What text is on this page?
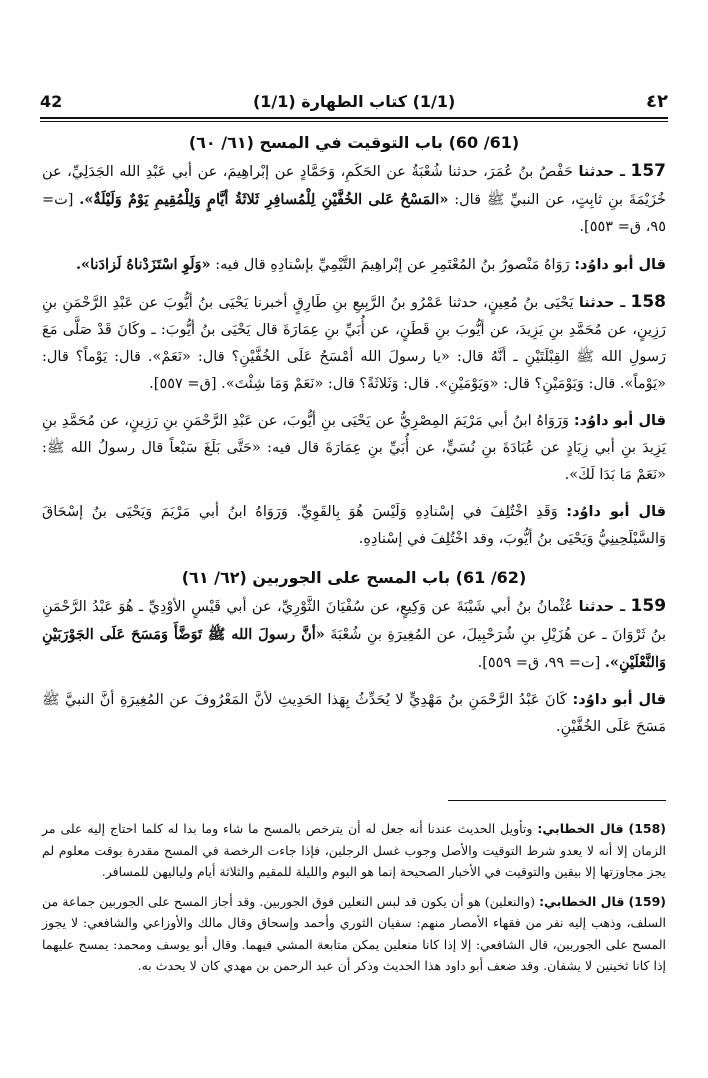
42	(1/1) كتاب الطهارة (1/1)	٤٢

(61/ 60) باب التوقيت في المسح (٦١/ ٦٠)

157 ـ حدثنا حَفْصُ بنُ عُمَرَ، حدثنا شُعْبَةُ عن الحَكَمِ، وَحَمَّادٍ عن إبْراهِيمَ، عن أبي عَبْدِ الله الجَدَلِيِّ، عن خُزَيْمَةَ بنِ ثابِتٍ، عن النبيِّ ﷺ قال: «المَسْحُ عَلى الخُفَّيْنِ لِلْمُسافِرِ ثَلاثَةُ أيَّامٍ وَلِلْمُقِيمِ يَوْمٌ وَلَيْلَةٌ». [ت= ٩٥، ق= ٥٥٣].

قال أبو داوُد: رَوَاهُ مَنْصورُ بنُ المُعْتَمِرِ عن إبْراهِيمَ التَّيْمِيِّ بإسْنادِهِ قال فيه: «وَلَوِ اسْتَزَدْناهُ لَزادَنا».

158 ـ حدثنا يَحْيَى بنُ مُعِينٍ، حدثنا عَمْرُو بنُ الرَّبِيعِ بنِ طَارِقٍ أخبرنا يَحْيَى بنُ أيُّوبَ عن عَبْدِ الرَّحْمَنِ بنِ رَزِينٍ، عن مُحَمَّدِ بنِ يَزِيدَ، عن أيُّوبَ بنِ قَطَنٍ، عن أُبَيِّ بنِ عِمَارَةَ قال يَحْيَى بنُ أيُّوبَ: ـ وكَانَ قَدْ صَلَّى مَعَ رَسولِ الله ﷺ القِبْلَتَيْنِ ـ أنَّهُ قال: «يا رسولَ الله أمْسَحُ عَلَى الخُفَّيْنِ؟ قال: «نَعَمْ». قال: يَوْماً؟ قال: «يَوْماً». قال: وَيَوْمَيْنِ؟ قال: «وَيَوْمَيْنِ». قال: وَثَلاثَةً؟ قال: «نَعَمْ وَمَا شِئْتَ». [ق= ٥٥٧].

قال أبو داوُد: وَرَوَاهُ ابنُ أبي مَرْيَمَ المِصْرِيُّ عن يَحْيَى بنِ أيُّوبَ، عن عَبْدِ الرَّحْمَنِ بنِ رَزِينٍ، عن مُحَمَّدِ بنِ يَزِيدَ بنِ أبي زِيَادٍ عن عُبَادَةَ بنِ نُسَيٍّ، عن أُبَيِّ بنِ عِمَارَةَ قال فيه: «حَتَّى بَلَغَ سَبْعاً قال رسولُ الله ﷺ: «نَعَمْ مَا بَدَا لَكَ».

قال أبو داوُد: وَقَدِ اخْتُلِفَ في إسْنادِهِ وَلَيْسَ هُوَ بِالقَوِيِّ. وَرَوَاهُ ابنُ أبي مَرْيَمَ وَيَحْيَى بنُ إسْحَاقَ وَالسَّيْلَحِينِيُّ وَيَحْيَى بنُ أيُّوبَ، وقد اخْتُلِفَ في إسْنادِهِ.

(62/ 61) باب المسح على الجوربين (٦٢/ ٦١)

159 ـ حدثنا عُثْمانُ بنُ أبي شَيْبَةَ عن وَكِيعٍ، عن سُفْيَانَ الثَّوْرِيِّ، عن أبي قَيْسٍ الأوْدِيِّ ـ هُوَ عَبْدُ الرَّحْمَنِ بنُ ثَرْوَانَ ـ عن هُزَيْلِ بنِ شُرَحْبِيلَ، عن المُغِيرَةِ بنِ شُعْبَةَ «أنَّ رسولَ الله ﷺ تَوَضَّأَ وَمَسَحَ عَلَى الجَوْرَبَيْنِ وَالنَّعْلَيْنِ». [ت= ٩٩، ق= ٥٥٩].

قال أبو داوُد: كَانَ عَبْدُ الرَّحْمَنِ بنُ مَهْدِيٍّ لا يُحَدِّثُ بِهَذا الحَدِيثِ لأنَّ المَعْرُوفَ عن المُغِيرَةِ أنَّ النبيَّ ﷺ مَسَحَ عَلَى الخُفَّيْنِ.

(158) قال الخطابي: وتأويل الحديث عندنا أنه جعل له أن يترخص بالمسح ما شاء وما بدا له كلما احتاج إليه على مر الزمان إلا أنه لا يعدو شرط التوقيت والأصل وجوب غسل الرجلين، فإذا جاءت الرخصة في المسح مقدرة بوقت معلوم لم يجز مجاوزتها إلا بيقين والتوقيت في الأخبار الصحيحة إنما هو اليوم والليلة للمقيم والثلاثة أيام ولياليهن للمسافر.

(159) قال الخطابي: (والنعلين) هو أن يكون قد لبس النعلين فوق الجوربين. وقد أجاز المسح على الجوربين جماعة من السلف، وذهب إليه نفر من فقهاء الأمصار منهم: سفيان الثوري وأحمد وإسحاق وقال مالك والأوزاعي والشافعي: لا يجوز المسح على الجوربين، قال الشافعي: إلا إذا كانا منعلين يمكن متابعة المشي فيهما. وقال أبو يوسف ومحمد: يمسح عليهما إذا كانا ثخينين لا يشفان. وقد ضعف أبو داود هذا الحديث وذكر أن عبد الرحمن بن مهدي كان لا يحدث به.
